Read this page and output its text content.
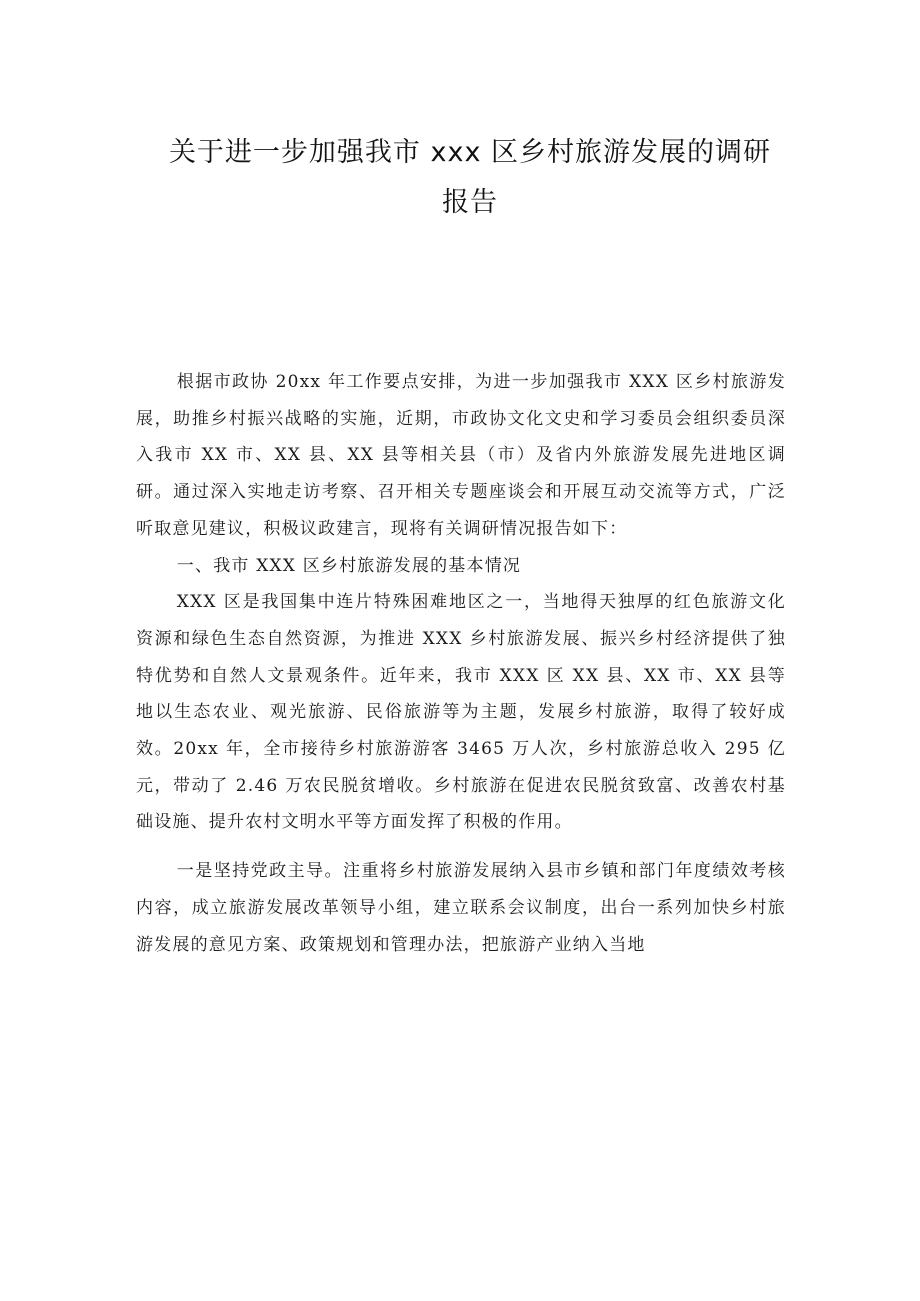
关于进一步加强我市 xxx 区乡村旅游发展的调研
报告

根据市政协 20xx 年工作要点安排，为进一步加强我市 XXX 区乡村旅游发展，助推乡村振兴战略的实施，近期，市政协文化文史和学习委员会组织委员深入我市 XX 市、XX 县、XX 县等相关县（市）及省内外旅游发展先进地区调研。通过深入实地走访考察、召开相关专题座谈会和开展互动交流等方式，广泛听取意见建议，积极议政建言，现将有关调研情况报告如下：

一、我市 XXX 区乡村旅游发展的基本情况

XXX 区是我国集中连片特殊困难地区之一，当地得天独厚的红色旅游文化资源和绿色生态自然资源，为推进 XXX 乡村旅游发展、振兴乡村经济提供了独特优势和自然人文景观条件。近年来，我市 XXX 区 XX 县、XX 市、XX 县等地以生态农业、观光旅游、民俗旅游等为主题，发展乡村旅游，取得了较好成效。20xx 年，全市接待乡村旅游游客 3465 万人次，乡村旅游总收入 295 亿元，带动了 2.46 万农民脱贫增收。乡村旅游在促进农民脱贫致富、改善农村基础设施、提升农村文明水平等方面发挥了积极的作用。

一是坚持党政主导。注重将乡村旅游发展纳入县市乡镇和部门年度绩效考核内容，成立旅游发展改革领导小组，建立联系会议制度，出台一系列加快乡村旅游发展的意见方案、政策规划和管理办法，把旅游产业纳入当地
